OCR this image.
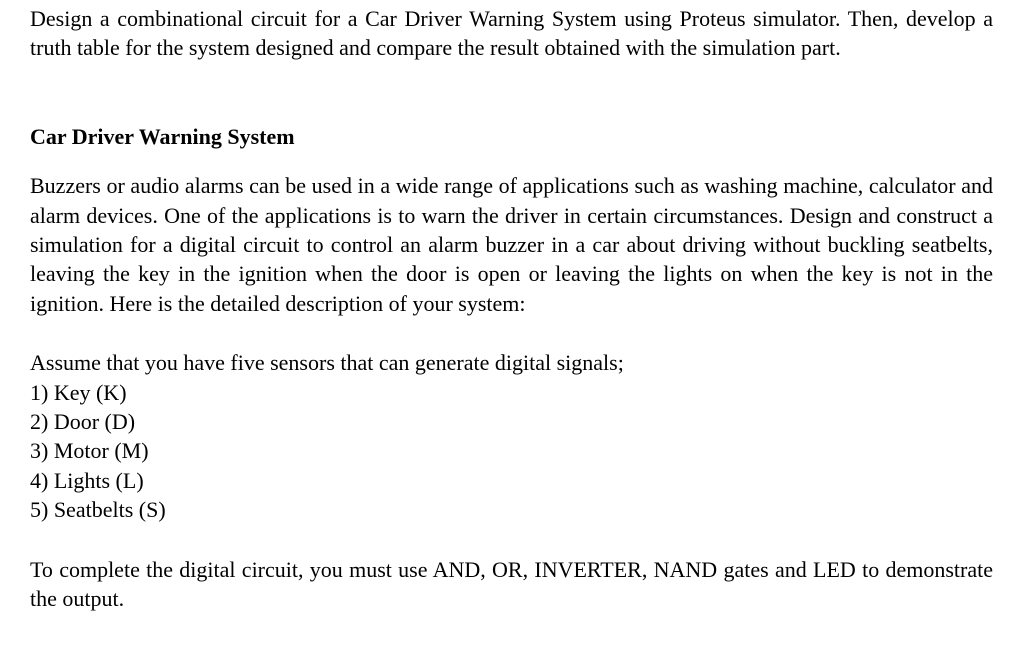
Design a combinational circuit for a Car Driver Warning System using Proteus simulator. Then, develop a truth table for the system designed and compare the result obtained with the simulation part.

Car Driver Warning System

Buzzers or audio alarms can be used in a wide range of applications such as washing machine, calculator and alarm devices. One of the applications is to warn the driver in certain circumstances. Design and construct a simulation for a digital circuit to control an alarm buzzer in a car about driving without buckling seatbelts, leaving the key in the ignition when the door is open or leaving the lights on when the key is not in the ignition. Here is the detailed description of your system:

Assume that you have five sensors that can generate digital signals;

1) Key (K)
2) Door (D)
3) Motor (M)
4) Lights (L)
5) Seatbelts (S)

To complete the digital circuit, you must use AND, OR, INVERTER, NAND gates and LED to demonstrate the output.
